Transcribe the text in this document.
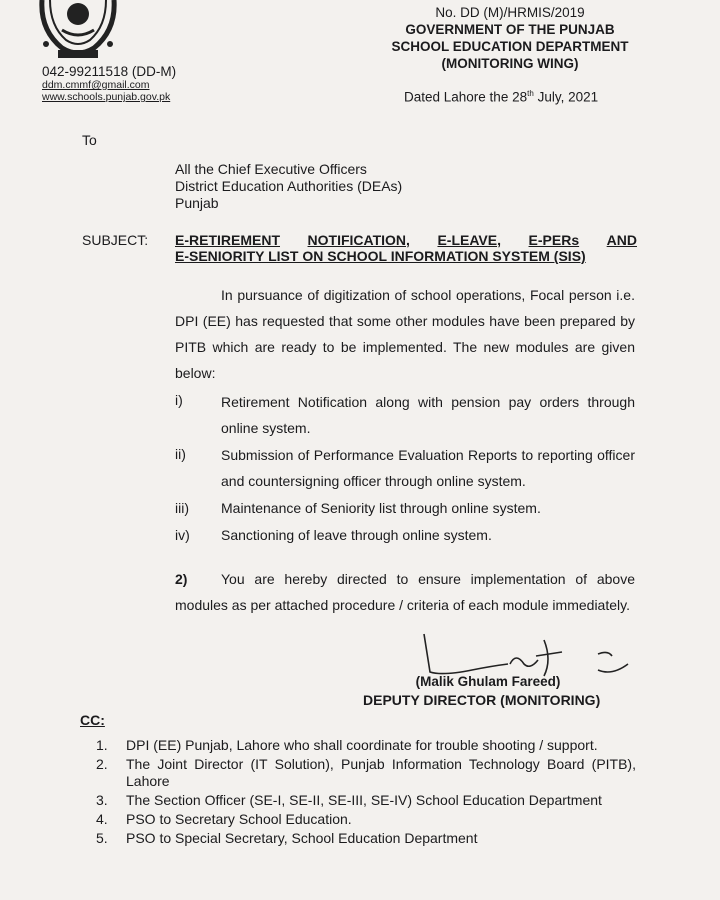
042-99211518 (DD-M)
ddm.cmmf@gmail.com
www.schools.punjab.gov.pk
No. DD (M)/HRMIS/2019
GOVERNMENT OF THE PUNJAB
SCHOOL EDUCATION DEPARTMENT
(MONITORING WING)
Dated Lahore the 28th July, 2021
To
All the Chief Executive Officers
District Education Authorities (DEAs)
Punjab
SUBJECT: E-RETIREMENT NOTIFICATION, E-LEAVE, E-PERs AND
E-SENIORITY LIST ON SCHOOL INFORMATION SYSTEM (SIS)
In pursuance of digitization of school operations, Focal person i.e. DPI (EE) has requested that some other modules have been prepared by PITB which are ready to be implemented. The new modules are given below:
i)	Retirement Notification along with pension pay orders through online system.
ii)	Submission of Performance Evaluation Reports to reporting officer and countersigning officer through online system.
iii) Maintenance of Seniority list through online system.
iv) Sanctioning of leave through online system.
2) You are hereby directed to ensure implementation of above modules as per attached procedure / criteria of each module immediately.
(Malik Ghulam Fareed)
DEPUTY DIRECTOR (MONITORING)
CC:
1.	DPI (EE) Punjab, Lahore who shall coordinate for trouble shooting / support.
2.	The Joint Director (IT Solution), Punjab Information Technology Board (PITB), Lahore
3.	The Section Officer (SE-I, SE-II, SE-III, SE-IV) School Education Department
4.	PSO to Secretary School Education.
5.	PSO to Special Secretary, School Education Department
